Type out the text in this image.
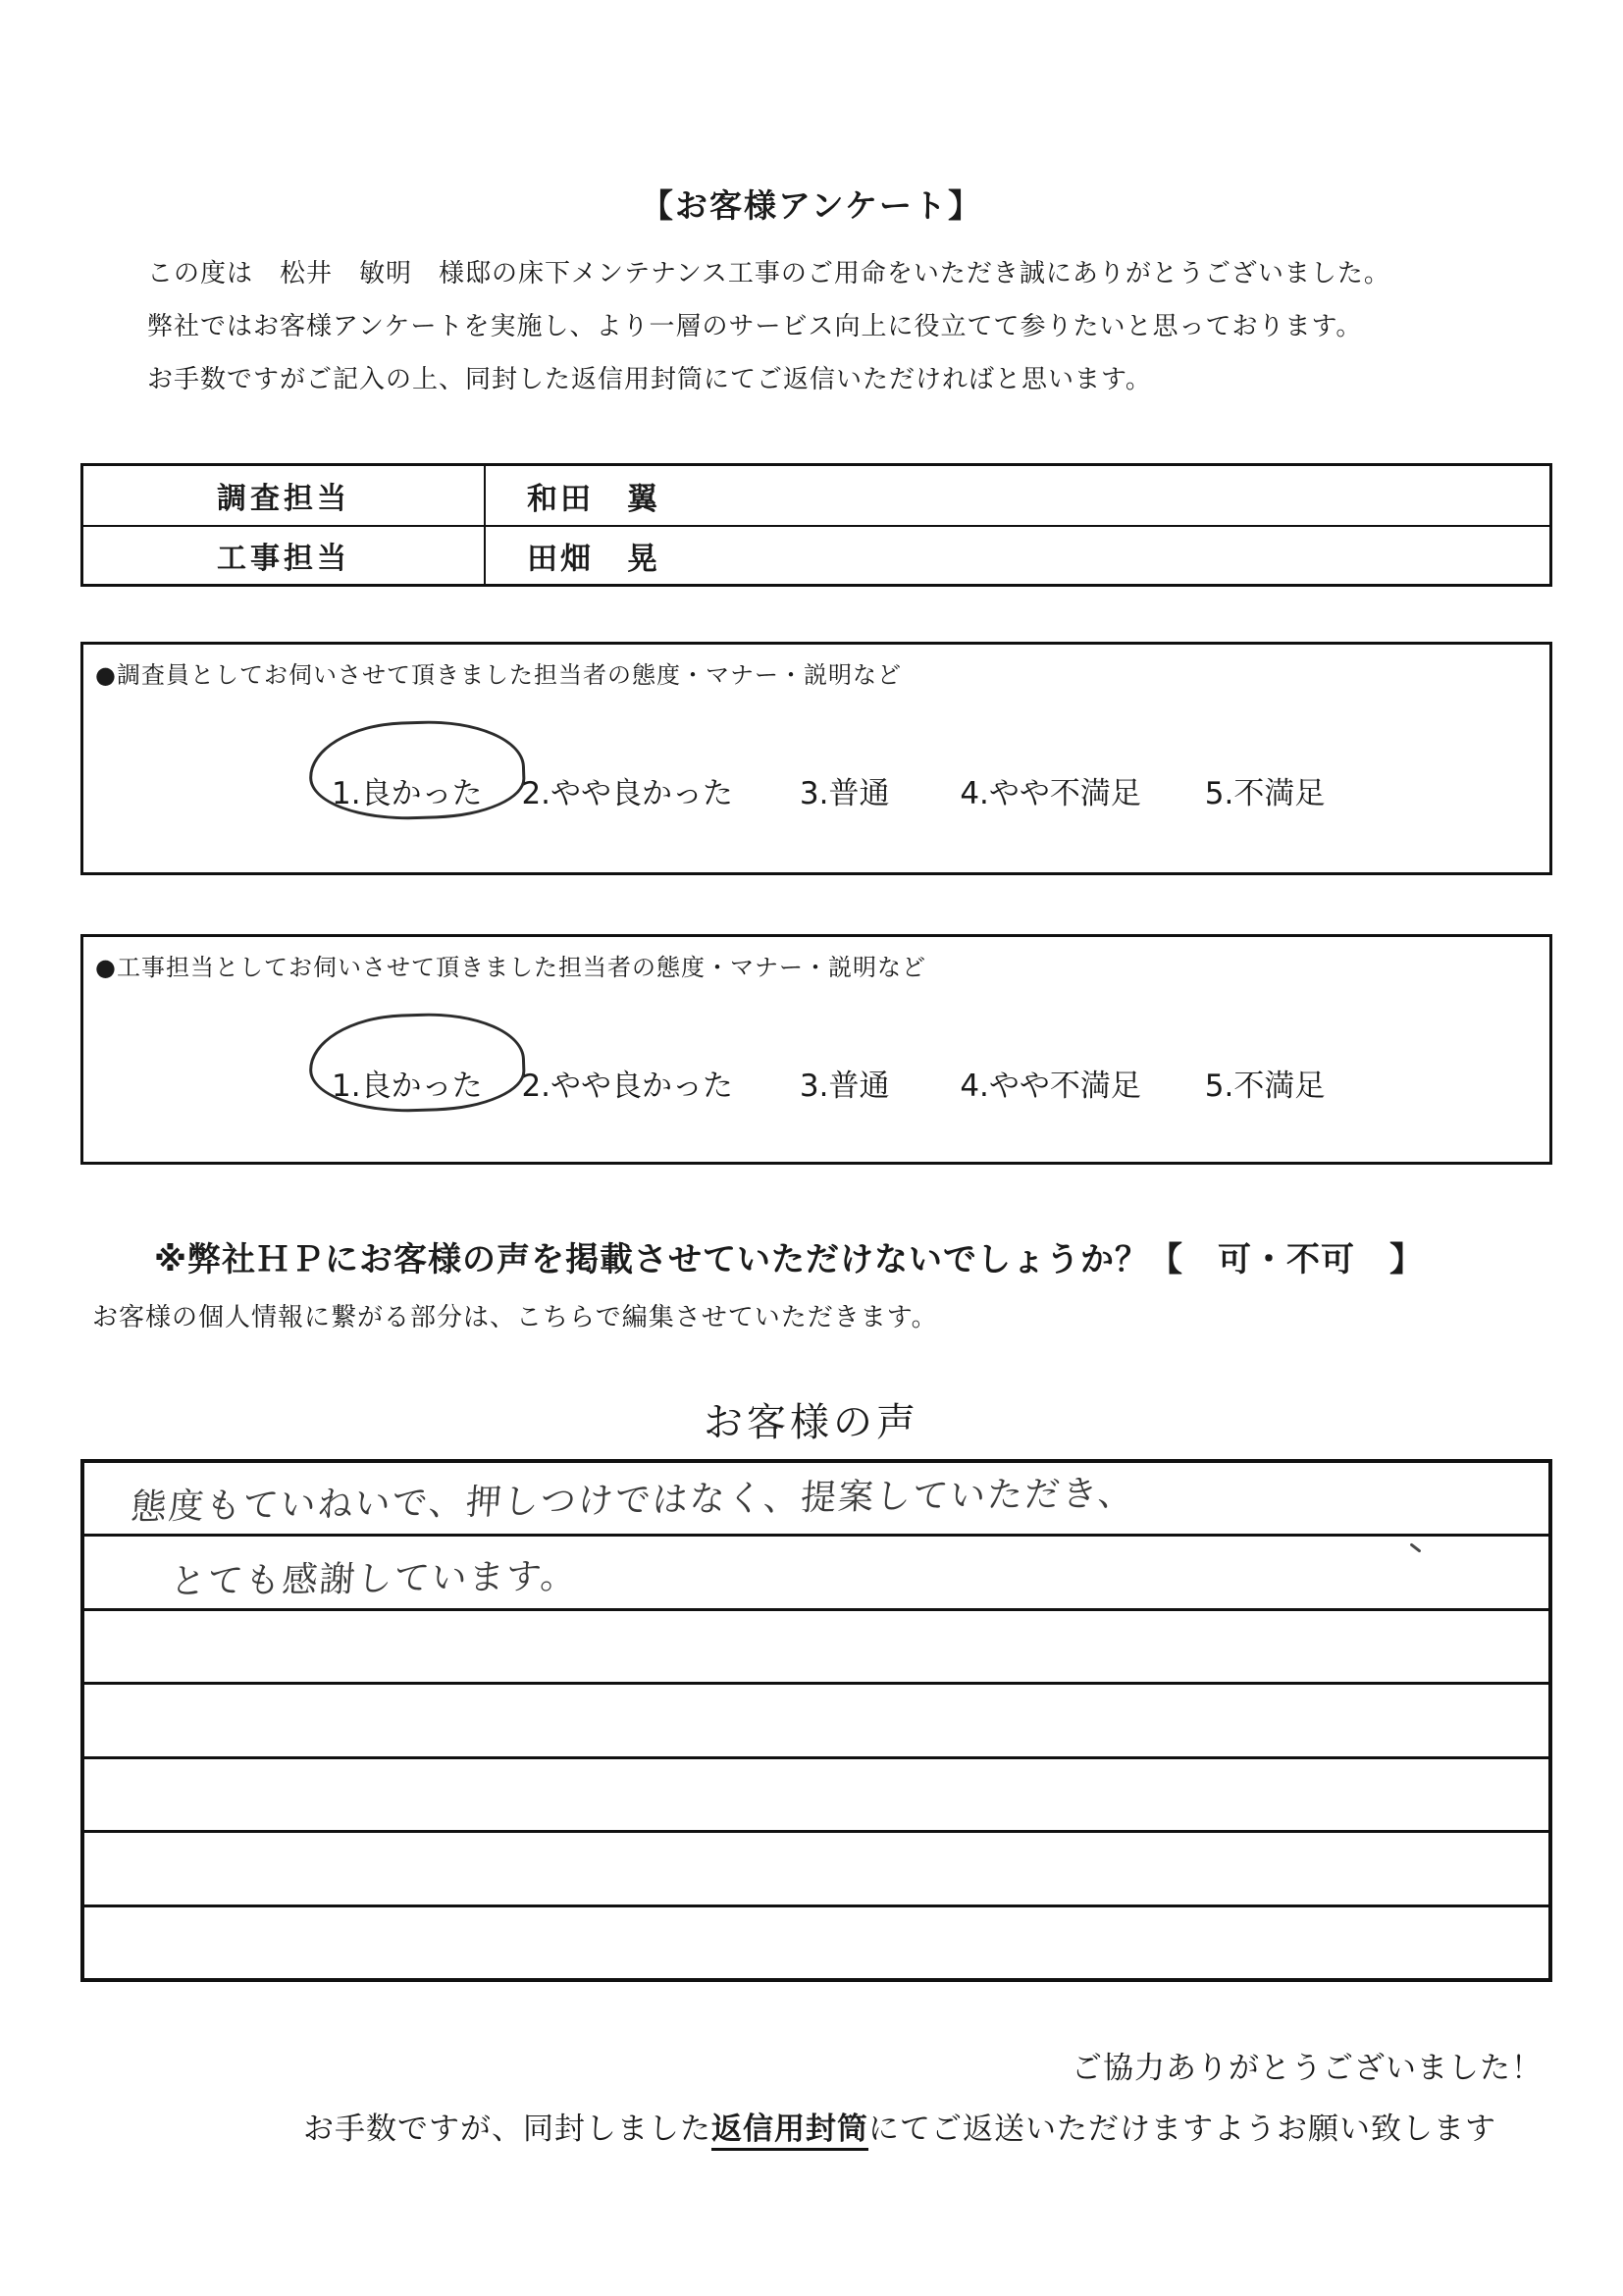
【お客様アンケート】
この度は　松井　敏明　様邸の床下メンテナンス工事のご用命をいただき誠にありがとうございました。
弊社ではお客様アンケートを実施し、より一層のサービス向上に役立てて参りたいと思っております。
お手数ですがご記入の上、同封した返信用封筒にてご返信いただければと思います。
調査担当	和田　翼
工事担当	田畑　晃
●調査員としてお伺いさせて頂きました担当者の態度・マナー・説明など
1.良かった 2.やや良かった 3.普通 4.やや不満足 5.不満足
●工事担当としてお伺いさせて頂きました担当者の態度・マナー・説明など
1.良かった 2.やや良かった 3.普通 4.やや不満足 5.不満足
※弊社ＨＰにお客様の声を掲載させていただけないでしょうか？【　可・不可　】
お客様の個人情報に繋がる部分は、こちらで編集させていただきます。
お客様の声
態度もていねいで、押しつけではなく、提案していただき、
とても感謝しています。
ご協力ありがとうございました！
お手数ですが、同封しました返信用封筒にてご返送いただけますようお願い致します
